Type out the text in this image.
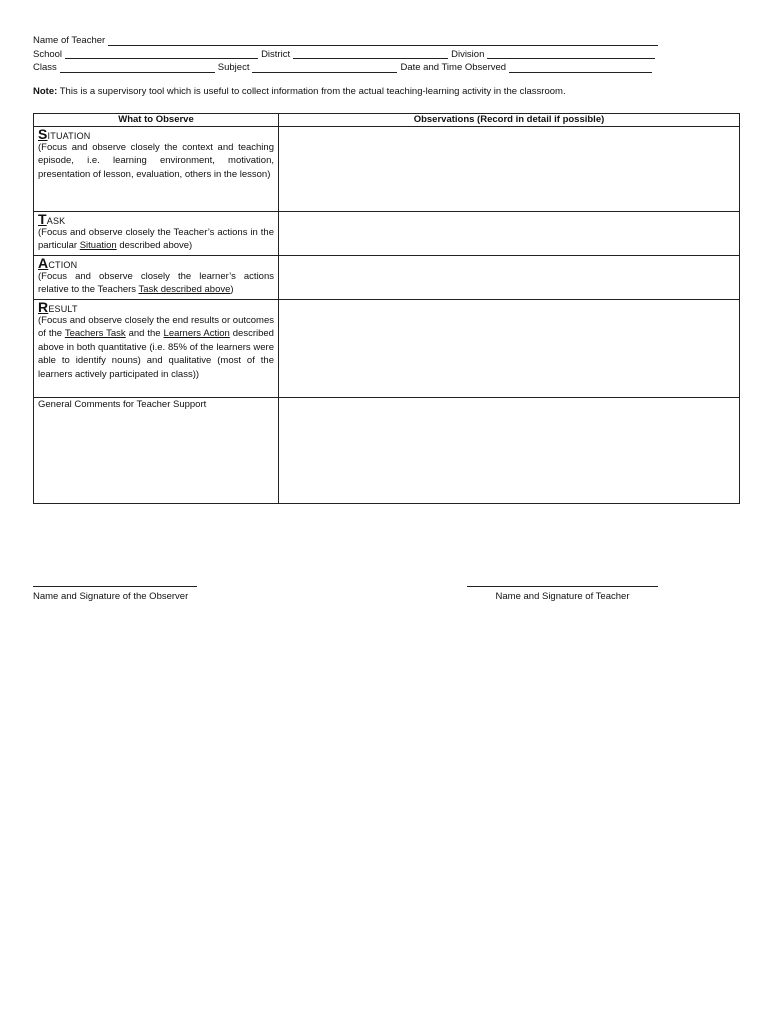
Name of Teacher
School	District	Division
Class	Subject	Date and Time Observed
Note: This is a supervisory tool which is useful to collect information from the actual teaching-learning activity in the classroom.
What to Observe	Observations (Record in detail if possible)

SITUATION
(Focus and observe closely the context and teaching episode, i.e. learning environment, motivation, presentation of lesson, evaluation, others in the lesson)	

TASK
(Focus and observe closely the Teacher’s actions in the particular Situation described above)	

ACTION
(Focus and observe closely the learner’s actions relative to the Teachers Task described above)	

RESULT
(Focus and observe closely the end results or outcomes of the Teachers Task and the Learners Action described above in both quantitative (i.e. 85% of the learners were able to identify nouns) and qualitative (most of the learners actively participated in class))	

General Comments for Teacher Support	

Name and Signature of the Observer	Name and Signature of Teacher
